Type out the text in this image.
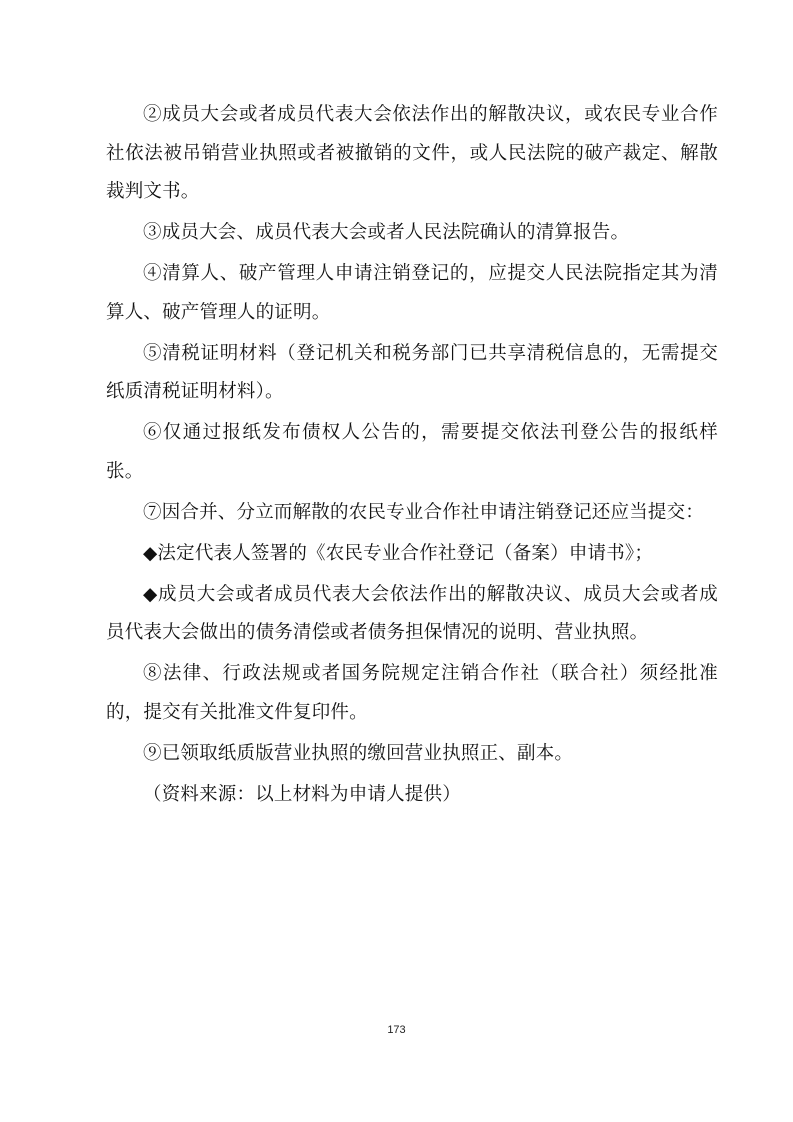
②成员大会或者成员代表大会依法作出的解散决议，或农民专业合作社依法被吊销营业执照或者被撤销的文件，或人民法院的破产裁定、解散裁判文书。

③成员大会、成员代表大会或者人民法院确认的清算报告。

④清算人、破产管理人申请注销登记的，应提交人民法院指定其为清算人、破产管理人的证明。

⑤清税证明材料（登记机关和税务部门已共享清税信息的，无需提交纸质清税证明材料）。

⑥仅通过报纸发布债权人公告的，需要提交依法刊登公告的报纸样张。

⑦因合并、分立而解散的农民专业合作社申请注销登记还应当提交：

◆法定代表人签署的《农民专业合作社登记（备案）申请书》；

◆成员大会或者成员代表大会依法作出的解散决议、成员大会或者成员代表大会做出的债务清偿或者债务担保情况的说明、营业执照。

⑧法律、行政法规或者国务院规定注销合作社（联合社）须经批准的，提交有关批准文件复印件。

⑨已领取纸质版营业执照的缴回营业执照正、副本。

（资料来源：以上材料为申请人提供）

173
